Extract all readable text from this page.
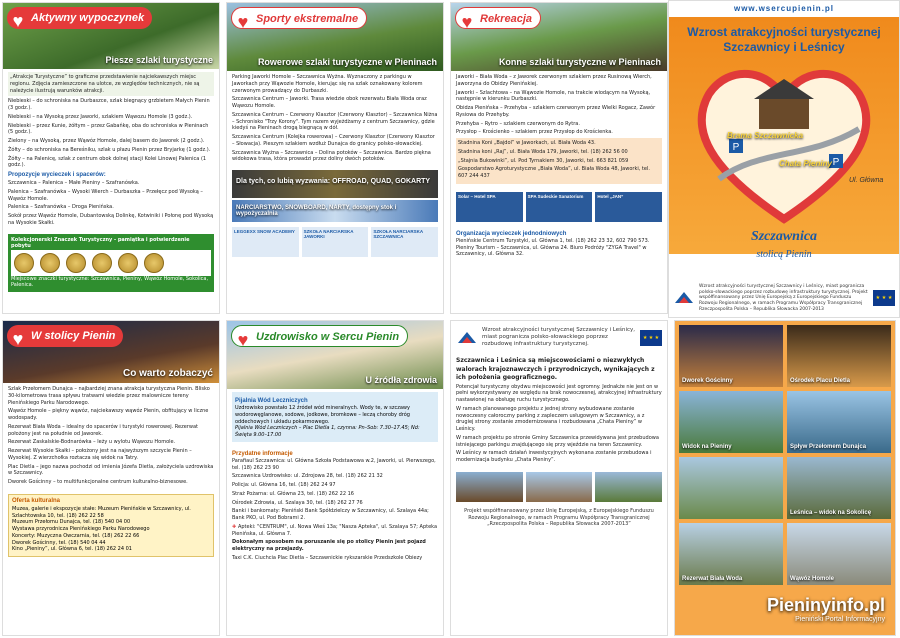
♥ Aktywny wypoczynek
Piesze szlaki turystyczne

„Atrakcje Turystyczne” to graficzne przedstawienie najciekawszych miejsc regionu. Zdjęcia zamieszczone na ulotce, ze względów technicznych, nie są należycie ilustrują warunków atrakcji.

Niebieski – do schroniska na Durbaszce, szlak biegnący grzbietem Małych Pienin (3 godz.).

Niebieski – na Wysoką przez Jaworki, szlakiem Wąwozu Homole (3 godz.).

Niebieski – przez Kunie, żółtym – przez Gabańkę, oba do schroniska w Pieninach (5 godz.).

Zielony – na Wysoką, przez Wąwóz Homole, dalej basem do Jaworek (2 godz.).

Żółty – do schroniska na Bereśniku, szlak u płazu Pienin przez Bryjarkę (1 godz.).

Żółty – na Palenicę, szlak z centrum obok dolnej stacji Kolei Linowej Palenica (1 godz.).

Propozycje wycieczek i spacerów:

Szczawnica – Palenica – Małe Pieniny – Szafranówka.

Palenica – Szafranówka – Wysoki Wierch – Durbaszka – Przełęcz pod Wysoką – Wąwóz Homole.

Palenica – Szafranówka – Droga Pienińska.

Sokół przez Wąwóz Homole, Dubantowską Dolinkę, Kotwiniki i Połonę pod Wysoką na Wysokie Skałki.

Kolekcjonerski Znaczek Turystyczny - pamiątka i potwierdzenie pobytu
Miejscowe znaczki turystyczne: Szczawnica, Pieniny, Wąwóz Homole, Sokolica, Palenica.
♥ Sporty ekstremalne
Rowerowe szlaki turystyczne w Pieninach

Parking Jaworki Homole – Szczawnica Wyżna. Wyznaczony z parkingu w Jaworkach przy Wąwozie Homole, kierując się na szlak oznakowany kolorem czerwonym prowadzący do Durbaszki.

Szczawnica Centrum – Jaworki. Trasa wiedzie obok rezerwatu Biała Woda oraz Wąwozu Homole.

Szczawnica Centrum – Czerwony Klasztor (Czerwony Klasztor) – Szczawnica Niżna – Schronisko "Trzy Korony". Tym razem wyjeżdżamy z centrum Szczawnicy, gdzie kiedyś na Pieninach drogą biegnącą w dół.

Szczawnica Centrum (Kolejka rowerowa) – Czerwony Klasztor (Czerwony Klasztor – Słowacja). Pieszym szlakiem wzdłuż Dunajca do granicy polsko-słowackiej.

Szczawnica Wyżna – Szczawnica – Dolina potoków – Szczawnica. Bardzo piękna widokowa trasa, która prowadzi przez doliny dwóch potoków.

Dla tych, co lubią wyzwania: OFFROAD, QUAD, GOKARTY
NARCIARSTWO, SNOWBOARD, NARTY, dostępny stok i wypożyczalnia
LEGGEXX SNOW ACADEMY	SZKOŁA NARCIARSKA JAWORKI
SZKOŁA NARCIARSKA SZCZAWNICA
♥ Rekreacja
Konne szlaki turystyczne w Pieninach

Jaworki – Biała Woda – z Jaworek czerwonym szlakiem przez Rusinową Wierch, Jaworzyna do Obidzy Pienińskiej.

Jaworki – Szlachtowa – na Wąwozie Homole, na trakcie wiodącym na Wysoką, następnie w kierunku Durbaszki.

Obidza Pienińska – Przehyba – szlakiem czerwonym przez Wielki Rogacz, Zawór Rysiowa do Przehyby.

Przehyba – Rytro – szlakiem czerwonym do Rytra.

Przysłop – Krościenko – szlakiem przez Przysłop do Krościenka.

Stadnina Koni „Bajdol” w Jaworkach, ul. Biała Woda 43.

Stadnina koni „Raj”, ul. Biała Woda 179, Jaworki, tel. (18) 262 56 00

„Stajnia Bukowinki”, ul. Pod Tyrnakiem 30, Jaworki, tel. 663 821 059

Gospodarstwo Agroturystyczne „Biała Woda”, ul. Biała Woda 48, Jaworki, tel. 607 244 437

Solar – Hotel SPA	SPA Sudeckie Sanatorium	Hotel „JAN”
Organizacja wycieczek jednodniowych

Pienińskie Centrum Turystyki, ul. Główna 1, tel. (18) 262 23 32, 602 790 573. Pieniny Tourism – Szczawnica, ul. Główna 24. Biuro Podróży "ZYGA Travel" w Szczawnicy, ul. Główna 32.

www.wsercupienin.pl
Wzrost atrakcyjności turystycznej Szczawnicy i Leśnicy
P
P
Brama Szczawnicka
Chata Pieniny
Ul. Główna
Szczawnica
stolicą Pienin
Wzrost atrakcyjności turystycznej Szczawnicy i Leśnicy, miast pogranicza polsko-słowackiego poprzez rozbudowę infrastruktury turystycznej. Projekt współfinansowany przez Unię Europejską z Europejskiego Funduszu Rozwoju Regionalnego, w ramach Programu Współpracy Transgranicznej Rzeczpospolita Polska – Republika Słowacka 2007-2013
★ ★ ★
♥ W stolicy Pienin
Co warto zobaczyć

Szlak Przełomem Dunajca – najbardziej znana atrakcja turystyczna Pienin. Blisko 30-kilometrowa trasa spływu tratwami wiedzie przez malownicze tereny Pienińskiego Parku Narodowego.

Wąwóz Homole – piękny wąwóz, najciekawszy wąwóz Pienin, obfitujący w liczne wodospady.

Rezerwat Biała Woda – idealny do spacerów i turystyki rowerowej. Rezerwat położony jest na południe od Jaworek.

Rezerwat Zaskalskie-Bodnarówka – leży u wylotu Wąwozu Homole.

Rezerwat Wysokie Skałki – położony jest na najwyższym szczycie Pienin – Wysokiej. Z wierzchołka roztacza się widok na Tatry.

Plac Dietla – jego nazwa pochodzi od imienia Józefa Dietla, założyciela uzdrowiska w Szczawnicy.

Dworek Gościnny – to multifunkcjonalne centrum kulturalno-biznesowe.

Oferta kulturalna

Muzea, galerie i ekspozycje stałe: Muzeum Pienińskie w Szczawnicy, ul. Szlachtowska 10, tel. (18) 262 22 58

Muzeum Przełomu Dunajca, tel. (18) 540 04 00

Wystawa przyrodnicza Pienińskiego Parku Narodowego

Koncerty: Muzyczna Owczarnia, tel. (18) 262 22 66

Dworek Gościnny, tel. (18) 540 04 44

Kino „Pieniny”, ul. Główna 6, tel. (18) 262 24 01

♥ Uzdrowisko w Sercu Pienin
U źródła zdrowia
Pijalnia Wód Leczniczych

Uzdrowisko powstało 12 źródeł wód mineralnych. Wody te, w szczawy wodorowęglanowe, sodowe, jodkowe, bromkowe – leczą choroby dróg oddechowych i układu pokarmowego.

Pijalnia Wód Leczniczych – Plac Dietla 1, czynna: Pn–Sob: 7.30–17.45; Nd: Święta 9.00–17.00

Przydatne informacje

Parafiaul Szczawnica: ul. Główna Szkoła Podstawowa w.2, Jaworki, ul. Pierwszego, tel. (18) 262 23 90

Szczawnica Uzdrowisko: ul. Zdrojowa 28, tel. (18) 262 21 32

Policja: ul. Główna 16, tel. (18) 262 24 97

Straż Pożarna: ul. Główna 23, tel. (18) 262 22 16

Ośrodek Zdrowia, ul. Szalaya 30, tel. (18) 262 27 76

Banki i bankomaty: Pieniński Bank Spółdzielczy w Szczawnicy, ul. Szalaya 44a; Bank PKO, ul. Pod Bobrami 2.

✚ Apteki: "CENTRUM", ul. Nowa Wieś 13a; "Nasza Apteka", ul. Szalaya 57; Apteka Pienińska, ul. Główna 7.

Dokonałym sposobem na poruszanie się po stolicy Pienin jest pojazd elektryczny na przejazdy.

Taxi C.K. Ciuchcia Plac Dietla – Szczawnickie rykszarskie Przedszkole Obiezy

Wzrost atrakcyjności turystycznej Szczawnicy i Leśnicy, miast pogranicza polsko-słowackiego poprzez rozbudowę infrastruktury turystycznej.
★ ★ ★

Szczawnica i Leśnica są miejscowościami o niezwykłych walorach krajoznawczych i przyrodniczych, wynikających z ich położenia geograficznego.

Potencjał turystyczny obydwu miejscowości jest ogromny. Jednakże nie jest on w pełni wykorzystywany ze względu na brak nowoczesnej, atrakcyjnej infrastruktury nastawionej na obsługę ruchu turystycznego.

W ramach planowanego projektu z jednej strony wybudowane zostanie nowoczesny całoroczny parking z zapleczem usługowym w Szczawnicy, a z drugiej strony zostanie zmodernizowana i rozbudowana „Chata Pieniny” w Leśnicy.

W ramach projektu po stronie Gminy Szczawnica przewidywana jest przebudowa istniejącego parkingu znajdującego się przy wjeździe na teren Szczawnicy.

W Leśnicy w ramach działań inwestycyjnych wykonana zostanie przebudowa i modernizacja budynku „Chata Pieniny”.

Projekt współfinansowany przez Unię Europejską, z Europejskiego Funduszu Rozwoju Regionalnego, w ramach Programu Współpracy Transgranicznej „Rzeczpospolita Polska – Republika Słowacka 2007-2013”
Dworek Gościnny	Ośrodek Placu Dietla
Widok na Pieniny	Spływ Przełomem Dunajca
Leśnica – widok na Sokolicę
Rezerwat Biała Woda	Wąwóz Homole
Pieninyinfo.pl
Pieniński Portal Informacyjny
